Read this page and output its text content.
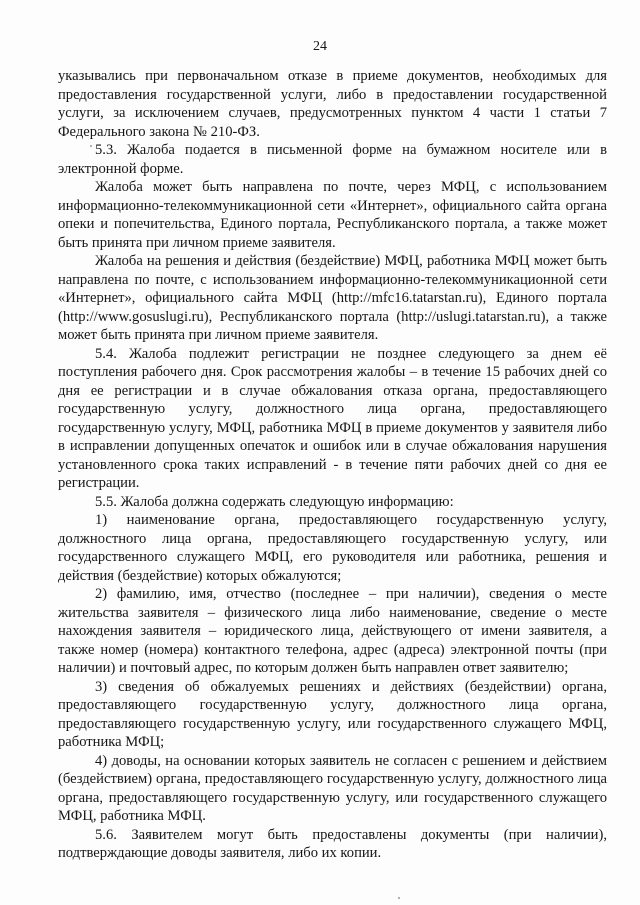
24

указывались при первоначальном отказе в приеме документов, необходимых для предоставления государственной услуги, либо в предоставлении государственной услуги, за исключением случаев, предусмотренных пунктом 4 части 1 статьи 7 Федерального закона № 210-ФЗ.

5.3. Жалоба подается в письменной форме на бумажном носителе или в электронной форме.

Жалоба может быть направлена по почте, через МФЦ, с использованием информационно-телекоммуникационной сети «Интернет», официального сайта органа опеки и попечительства, Единого портала, Республиканского портала, а также может быть принята при личном приеме заявителя.

Жалоба на решения и действия (бездействие) МФЦ, работника МФЦ может быть направлена по почте, с использованием информационно-телекоммуникационной сети «Интернет», официального сайта МФЦ (http://mfc16.tatarstan.ru), Единого портала (http://www.gosuslugi.ru), Республиканского портала (http://uslugi.tatarstan.ru), а также может быть принята при личном приеме заявителя.

5.4. Жалоба подлежит регистрации не позднее следующего за днем её поступления рабочего дня. Срок рассмотрения жалобы – в течение 15 рабочих дней со дня ее регистрации и в случае обжалования отказа органа, предоставляющего государственную услугу, должностного лица органа, предоставляющего государственную услугу, МФЦ, работника МФЦ в приеме документов у заявителя либо в исправлении допущенных опечаток и ошибок или в случае обжалования нарушения установленного срока таких исправлений - в течение пяти рабочих дней со дня ее регистрации.

5.5. Жалоба должна содержать следующую информацию:

1) наименование органа, предоставляющего государственную услугу, должностного лица органа, предоставляющего государственную услугу, или государственного служащего МФЦ, его руководителя или работника, решения и действия (бездействие) которых обжалуются;

2) фамилию, имя, отчество (последнее – при наличии), сведения о месте жительства заявителя – физического лица либо наименование, сведение о месте нахождения заявителя – юридического лица, действующего от имени заявителя, а также номер (номера) контактного телефона, адрес (адреса) электронной почты (при наличии) и почтовый адрес, по которым должен быть направлен ответ заявителю;

3) сведения об обжалуемых решениях и действиях (бездействии) органа, предоставляющего государственную услугу, должностного лица органа, предоставляющего государственную услугу, или государственного служащего МФЦ, работника МФЦ;

4) доводы, на основании которых заявитель не согласен с решением и действием (бездействием) органа, предоставляющего государственную услугу, должностного лица органа, предоставляющего государственную услугу, или государственного служащего МФЦ, работника МФЦ.

5.6. Заявителем могут быть предоставлены документы (при наличии), подтверждающие доводы заявителя, либо их копии.
